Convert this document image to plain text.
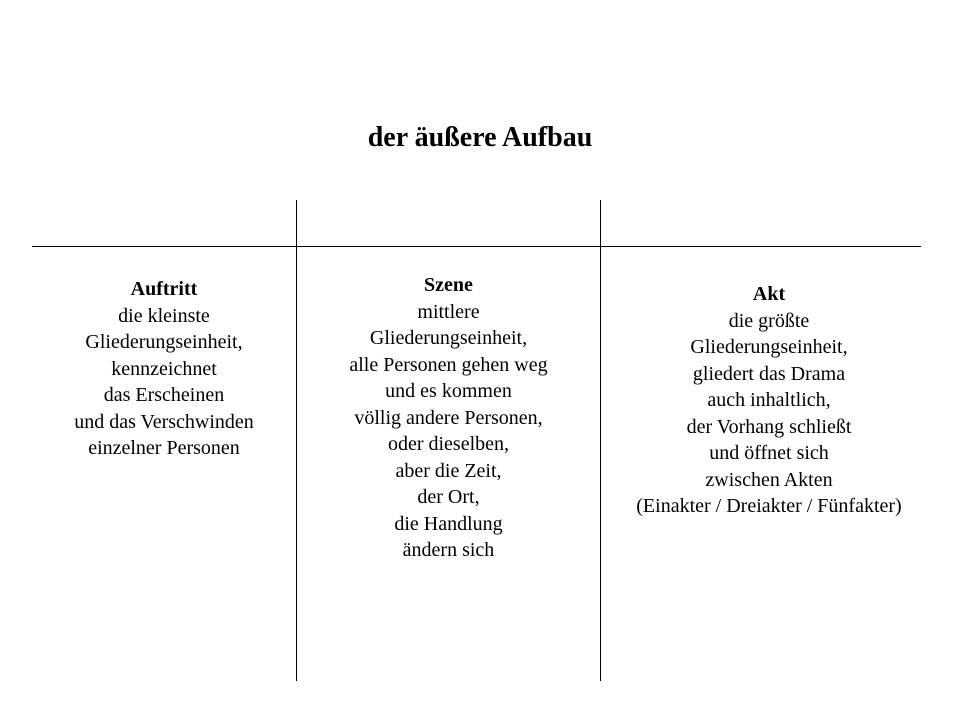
der äußere Aufbau
Auftritt
die kleinste
Gliederungseinheit,
kennzeichnet
das Erscheinen
und das Verschwinden
einzelner Personen
Szene
mittlere
Gliederungseinheit,
alle Personen gehen weg
und es kommen
völlig andere Personen,
oder dieselben,
aber die Zeit,
der Ort,
die Handlung
ändern sich
Akt
die größte
Gliederungseinheit,
gliedert das Drama
auch inhaltlich,
der Vorhang schließt
und öffnet sich
zwischen Akten
(Einakter / Dreiakter / Fünfakter)
